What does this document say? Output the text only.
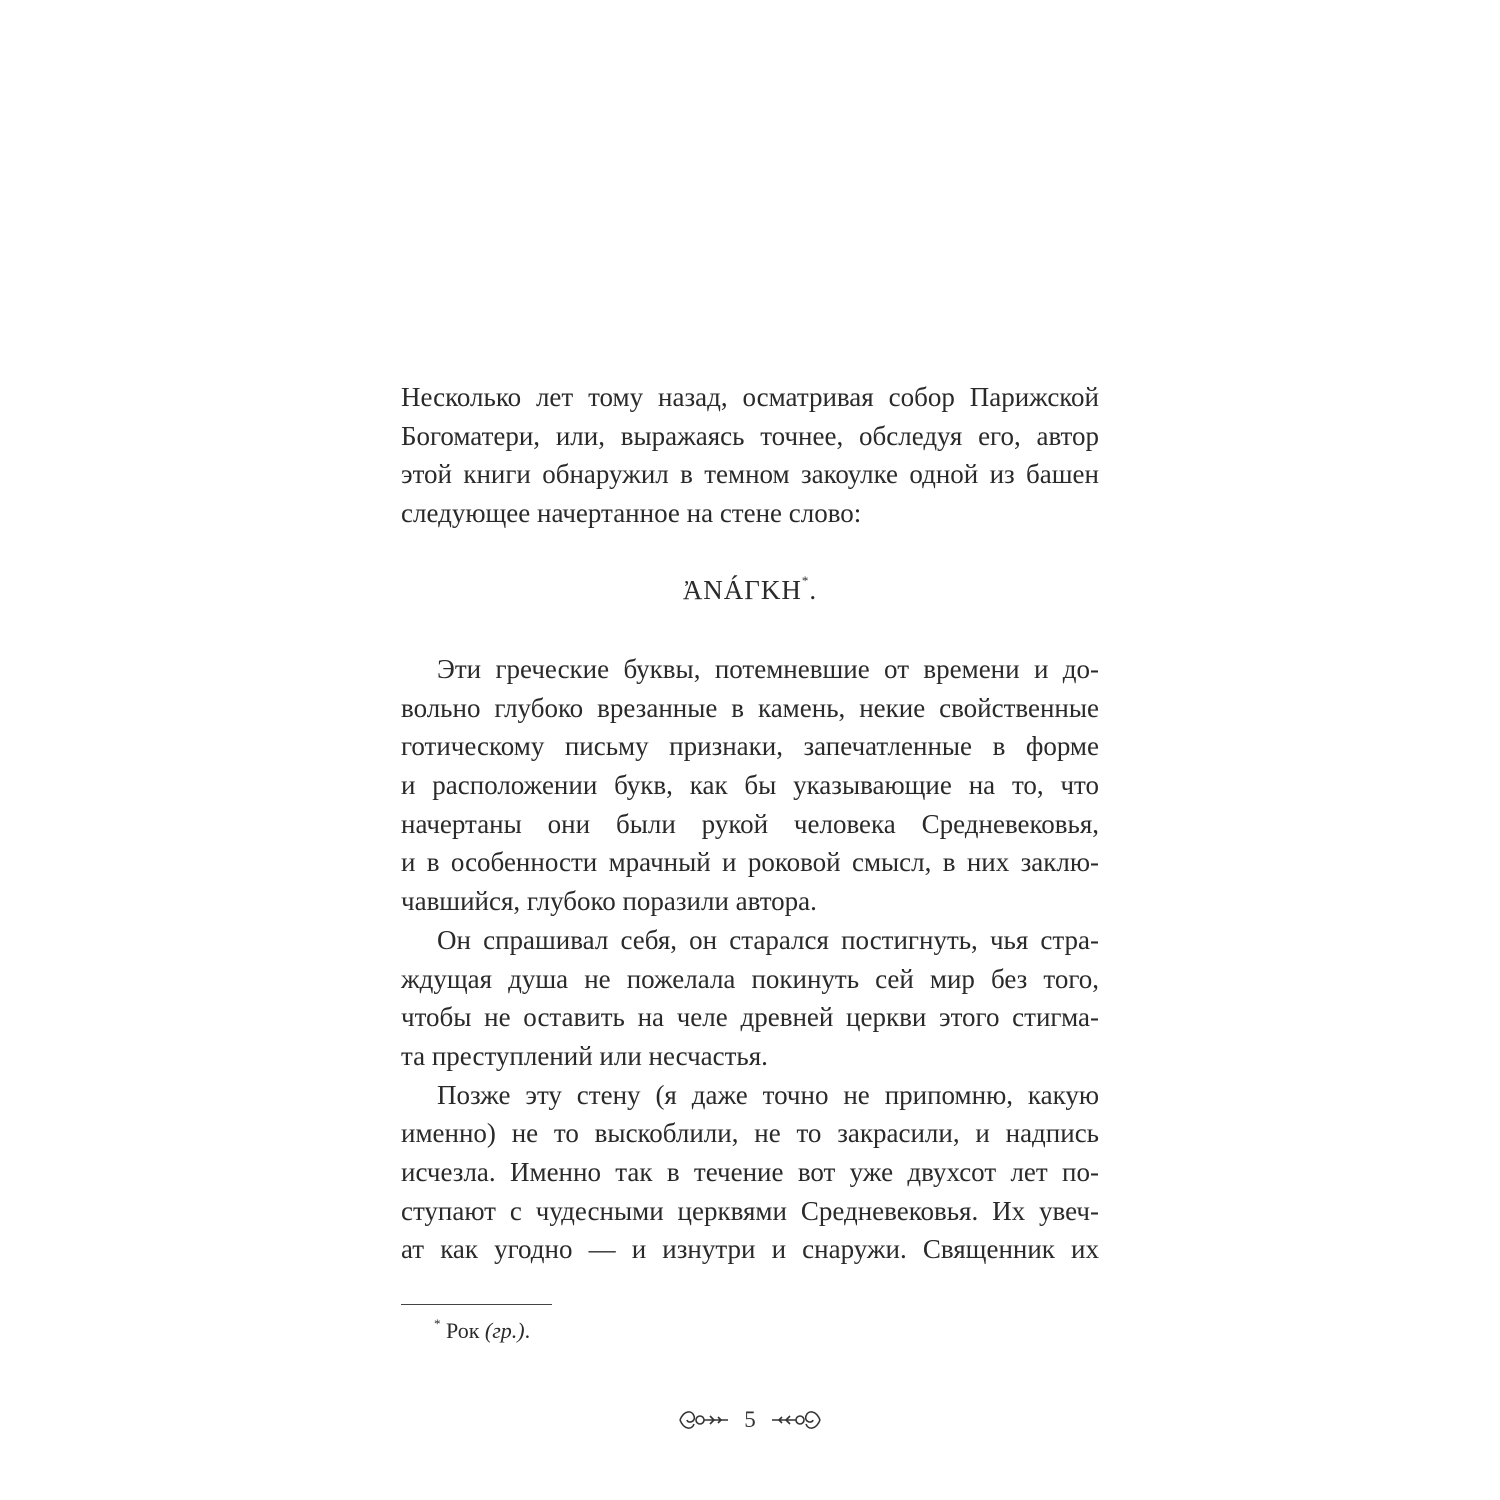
Несколько лет тому назад, осматривая собор Парижской
Богоматери, или, выражаясь точнее, обследуя его, автор
этой книги обнаружил в темном закоулке одной из башен
следующее начертанное на стене слово:
ἈΝÁΓΚΗ*.
Эти греческие буквы, потемневшие от времени и до-
вольно глубоко врезанные в камень, некие свойственные
готическому письму признаки, запечатленные в форме
и расположении букв, как бы указывающие на то, что
начертаны они были рукой человека Средневековья,
и в особенности мрачный и роковой смысл, в них заклю-
чавшийся, глубоко поразили автора.
Он спрашивал себя, он старался постигнуть, чья стра-
ждущая душа не пожелала покинуть сей мир без того,
чтобы не оставить на челе древней церкви этого стигма-
та преступлений или несчастья.
Позже эту стену (я даже точно не припомню, какую
именно) не то выскоблили, не то закрасили, и надпись
исчезла. Именно так в течение вот уже двухсот лет по-
ступают с чудесными церквями Средневековья. Их увеч-
ат как угодно — и изнутри и снаружи. Священник их
* Рок (гр.).
5
